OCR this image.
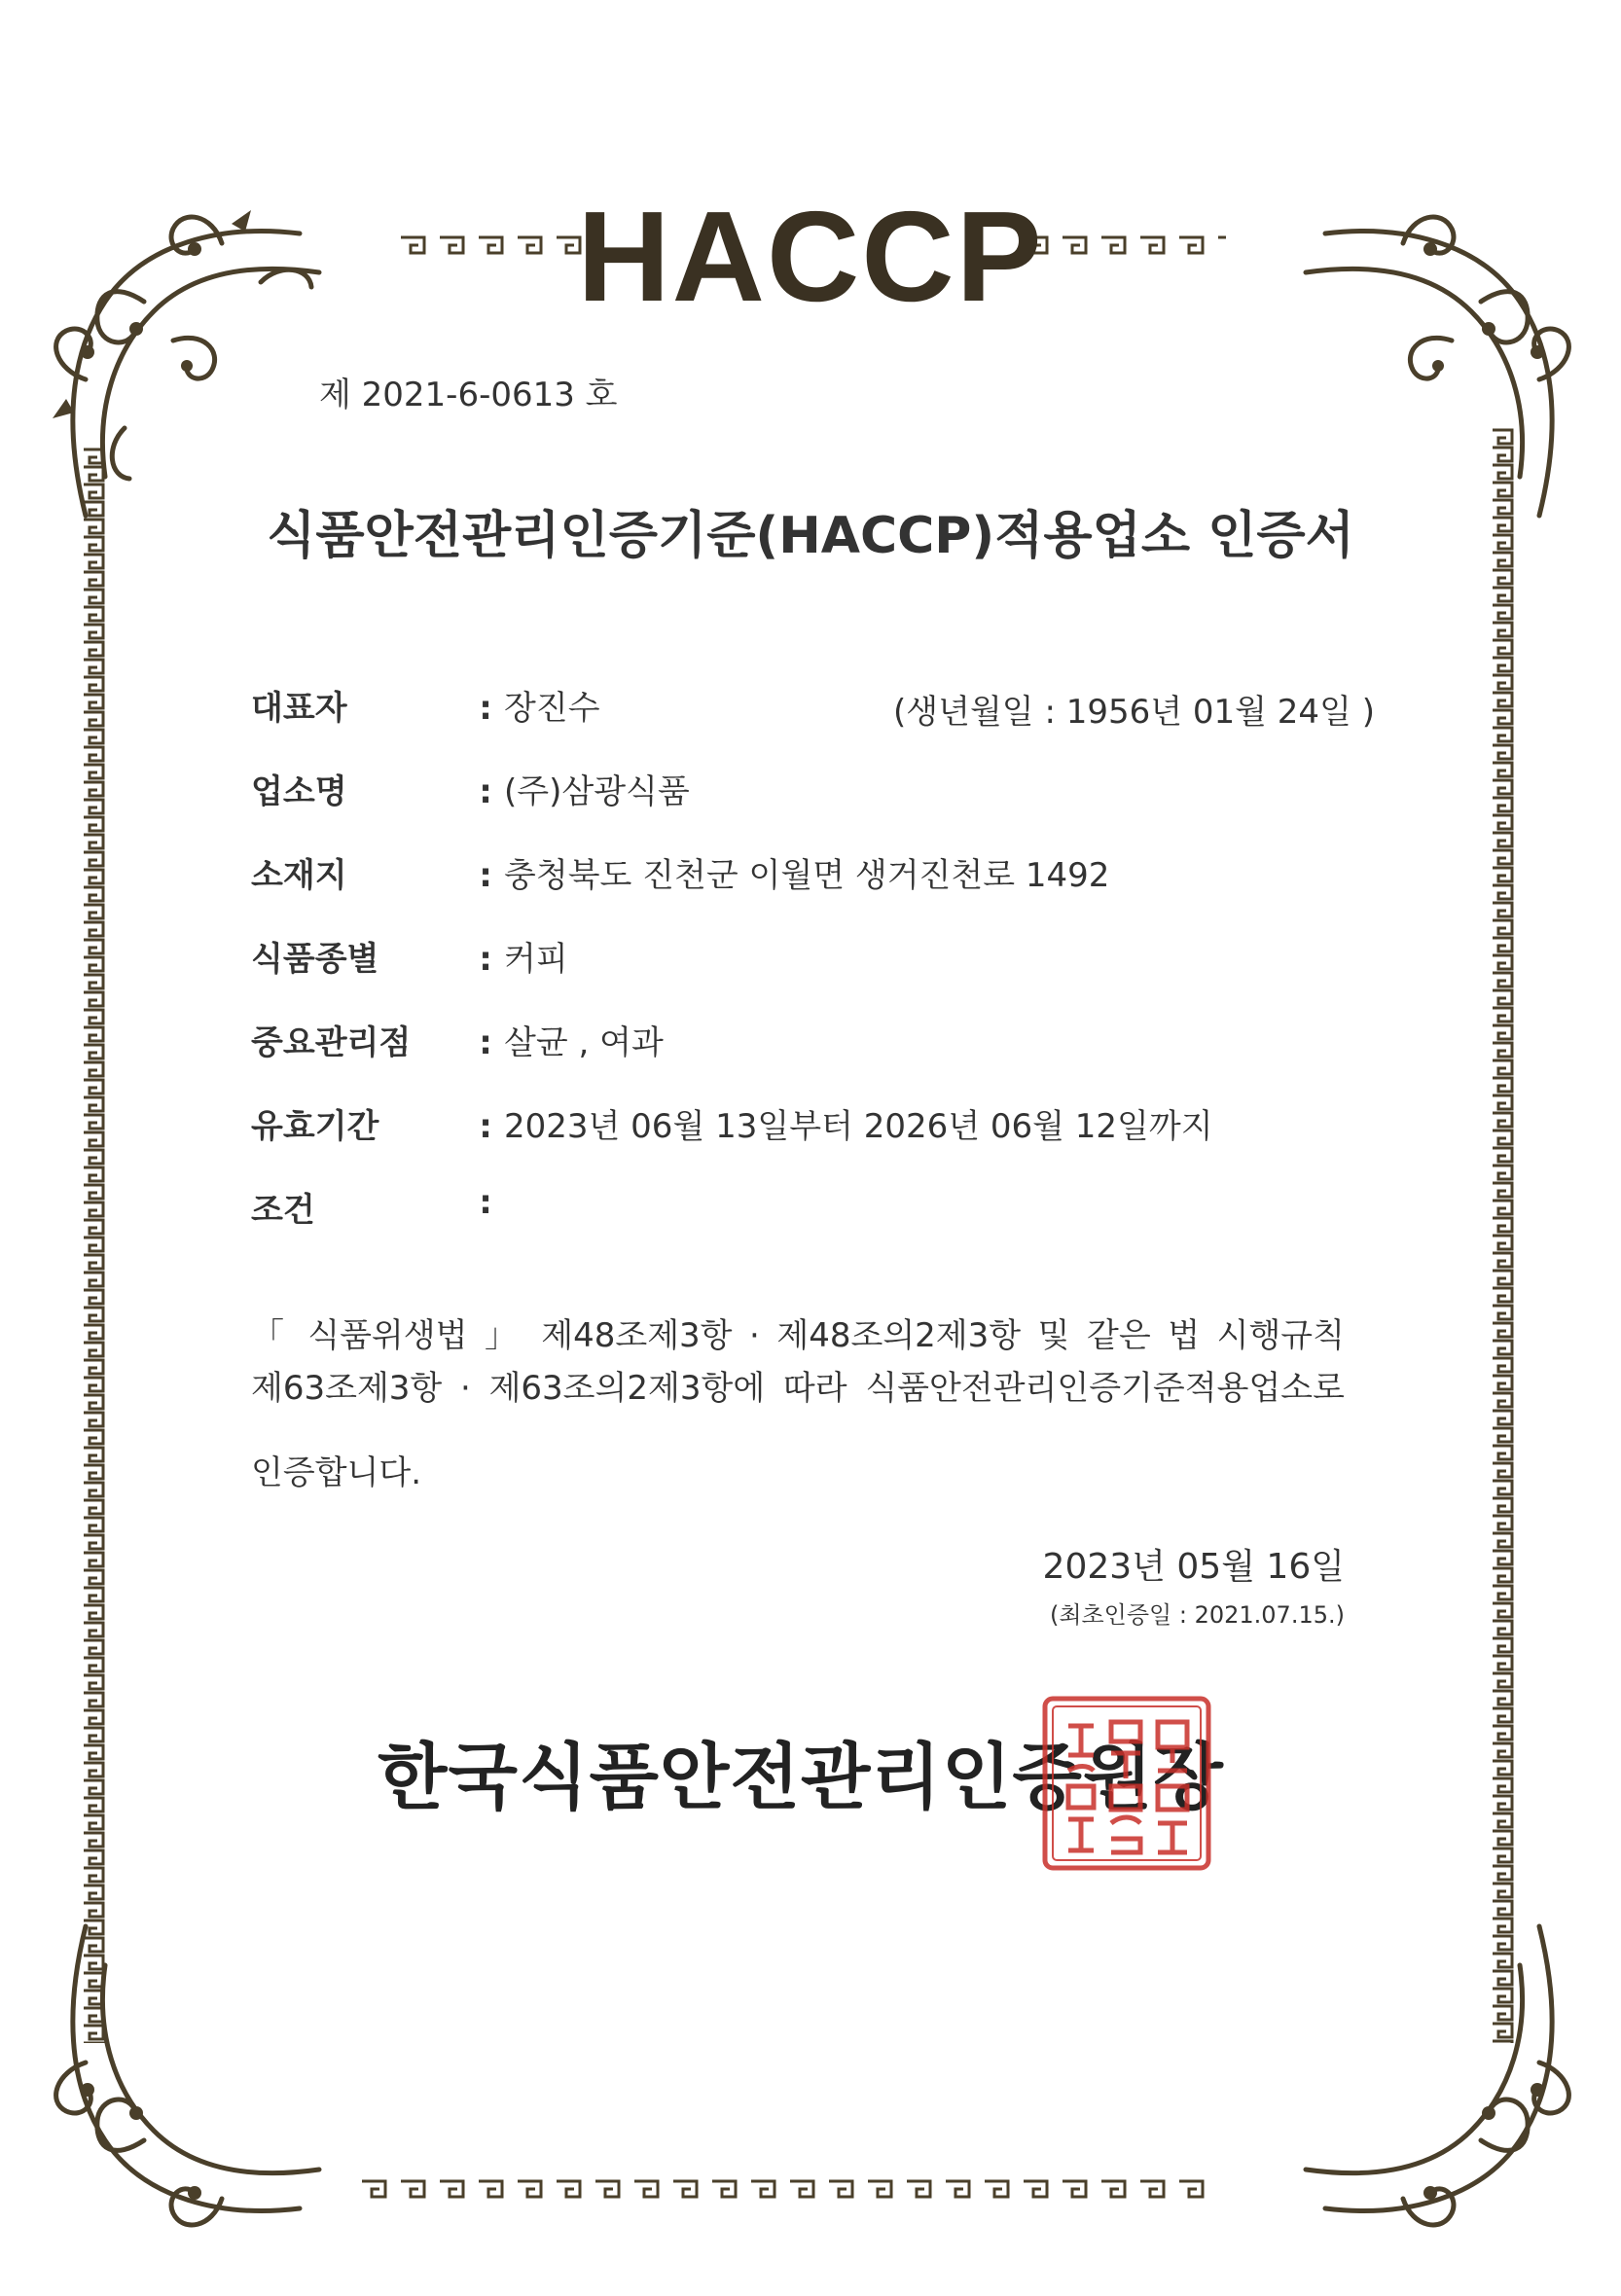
HACCP
제 2021-6-0613 호
식품안전관리인증기준(HACCP)적용업소 인증서
대표자	: 장진수	(생년월일 : 1956년 01월 24일 )
업소명	: (주)삼광식품
소재지	: 충청북도 진천군 이월면 생거진천로 1492
식품종별	: 커피
중요관리점 : 살균 , 여과
유효기간	: 2023년 06월 13일부터 2026년 06월 12일까지
조건	:
「 식품위생법 」 제48조제3항 · 제48조의2제3항 및 같은 법 시행규칙
제63조제3항 · 제63조의2제3항에 따라 식품안전관리인증기준적용업소로
인증합니다.
2023년 05월 16일
(최초인증일 : 2021.07.15.)
한국식품안전관리인증원장
